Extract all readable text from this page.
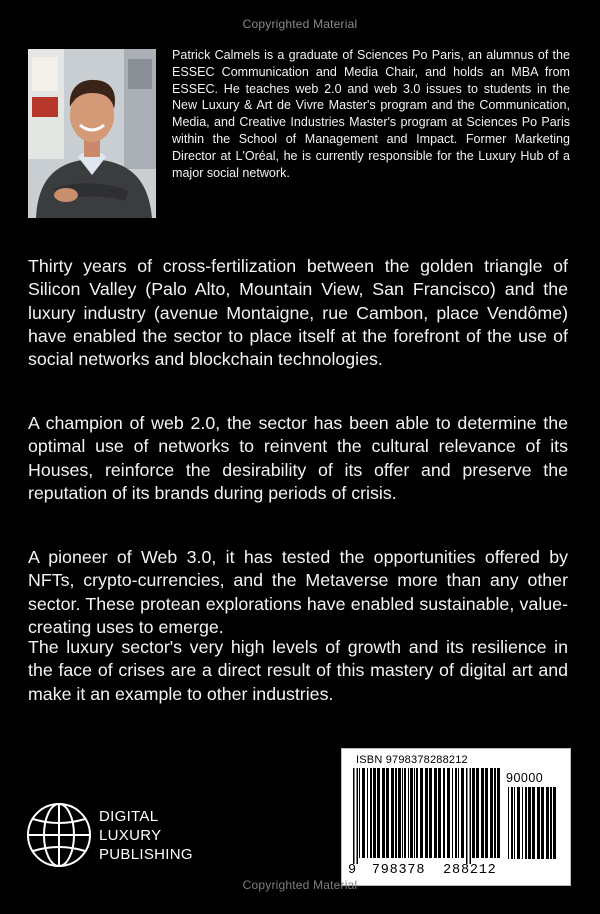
Copyrighted Material

Patrick Calmels is a graduate of Sciences Po Paris, an alumnus of the ESSEC Communication and Media Chair, and holds an MBA from ESSEC. He teaches web 2.0 and web 3.0 issues to students in the New Luxury & Art de Vivre Master's program and the Communication, Media, and Creative Industries Master's program at Sciences Po Paris within the School of Management and Impact. Former Marketing Director at L'Oréal, he is currently responsible for the Luxury Hub of a major social network.

Thirty years of cross-fertilization between the golden triangle of Silicon Valley (Palo Alto, Mountain View, San Francisco) and the luxury industry (avenue Montaigne, rue Cambon, place Vendôme) have enabled the sector to place itself at the forefront of the use of social networks and blockchain technologies.

A champion of web 2.0, the sector has been able to determine the optimal use of networks to reinvent the cultural relevance of its Houses, reinforce the desirability of its offer and preserve the reputation of its brands during periods of crisis.

A pioneer of Web 3.0, it has tested the opportunities offered by NFTs, crypto-currencies, and the Metaverse more than any other sector. These protean explorations have enabled sustainable, value-creating uses to emerge.

The luxury sector's very high levels of growth and its resilience in the face of crises are a direct result of this mastery of digital art and make it an example to other industries.

DIGITAL
LUXURY
PUBLISHING
ISBN 9798378288212
90000
9 798378 288212
Copyrighted Material
